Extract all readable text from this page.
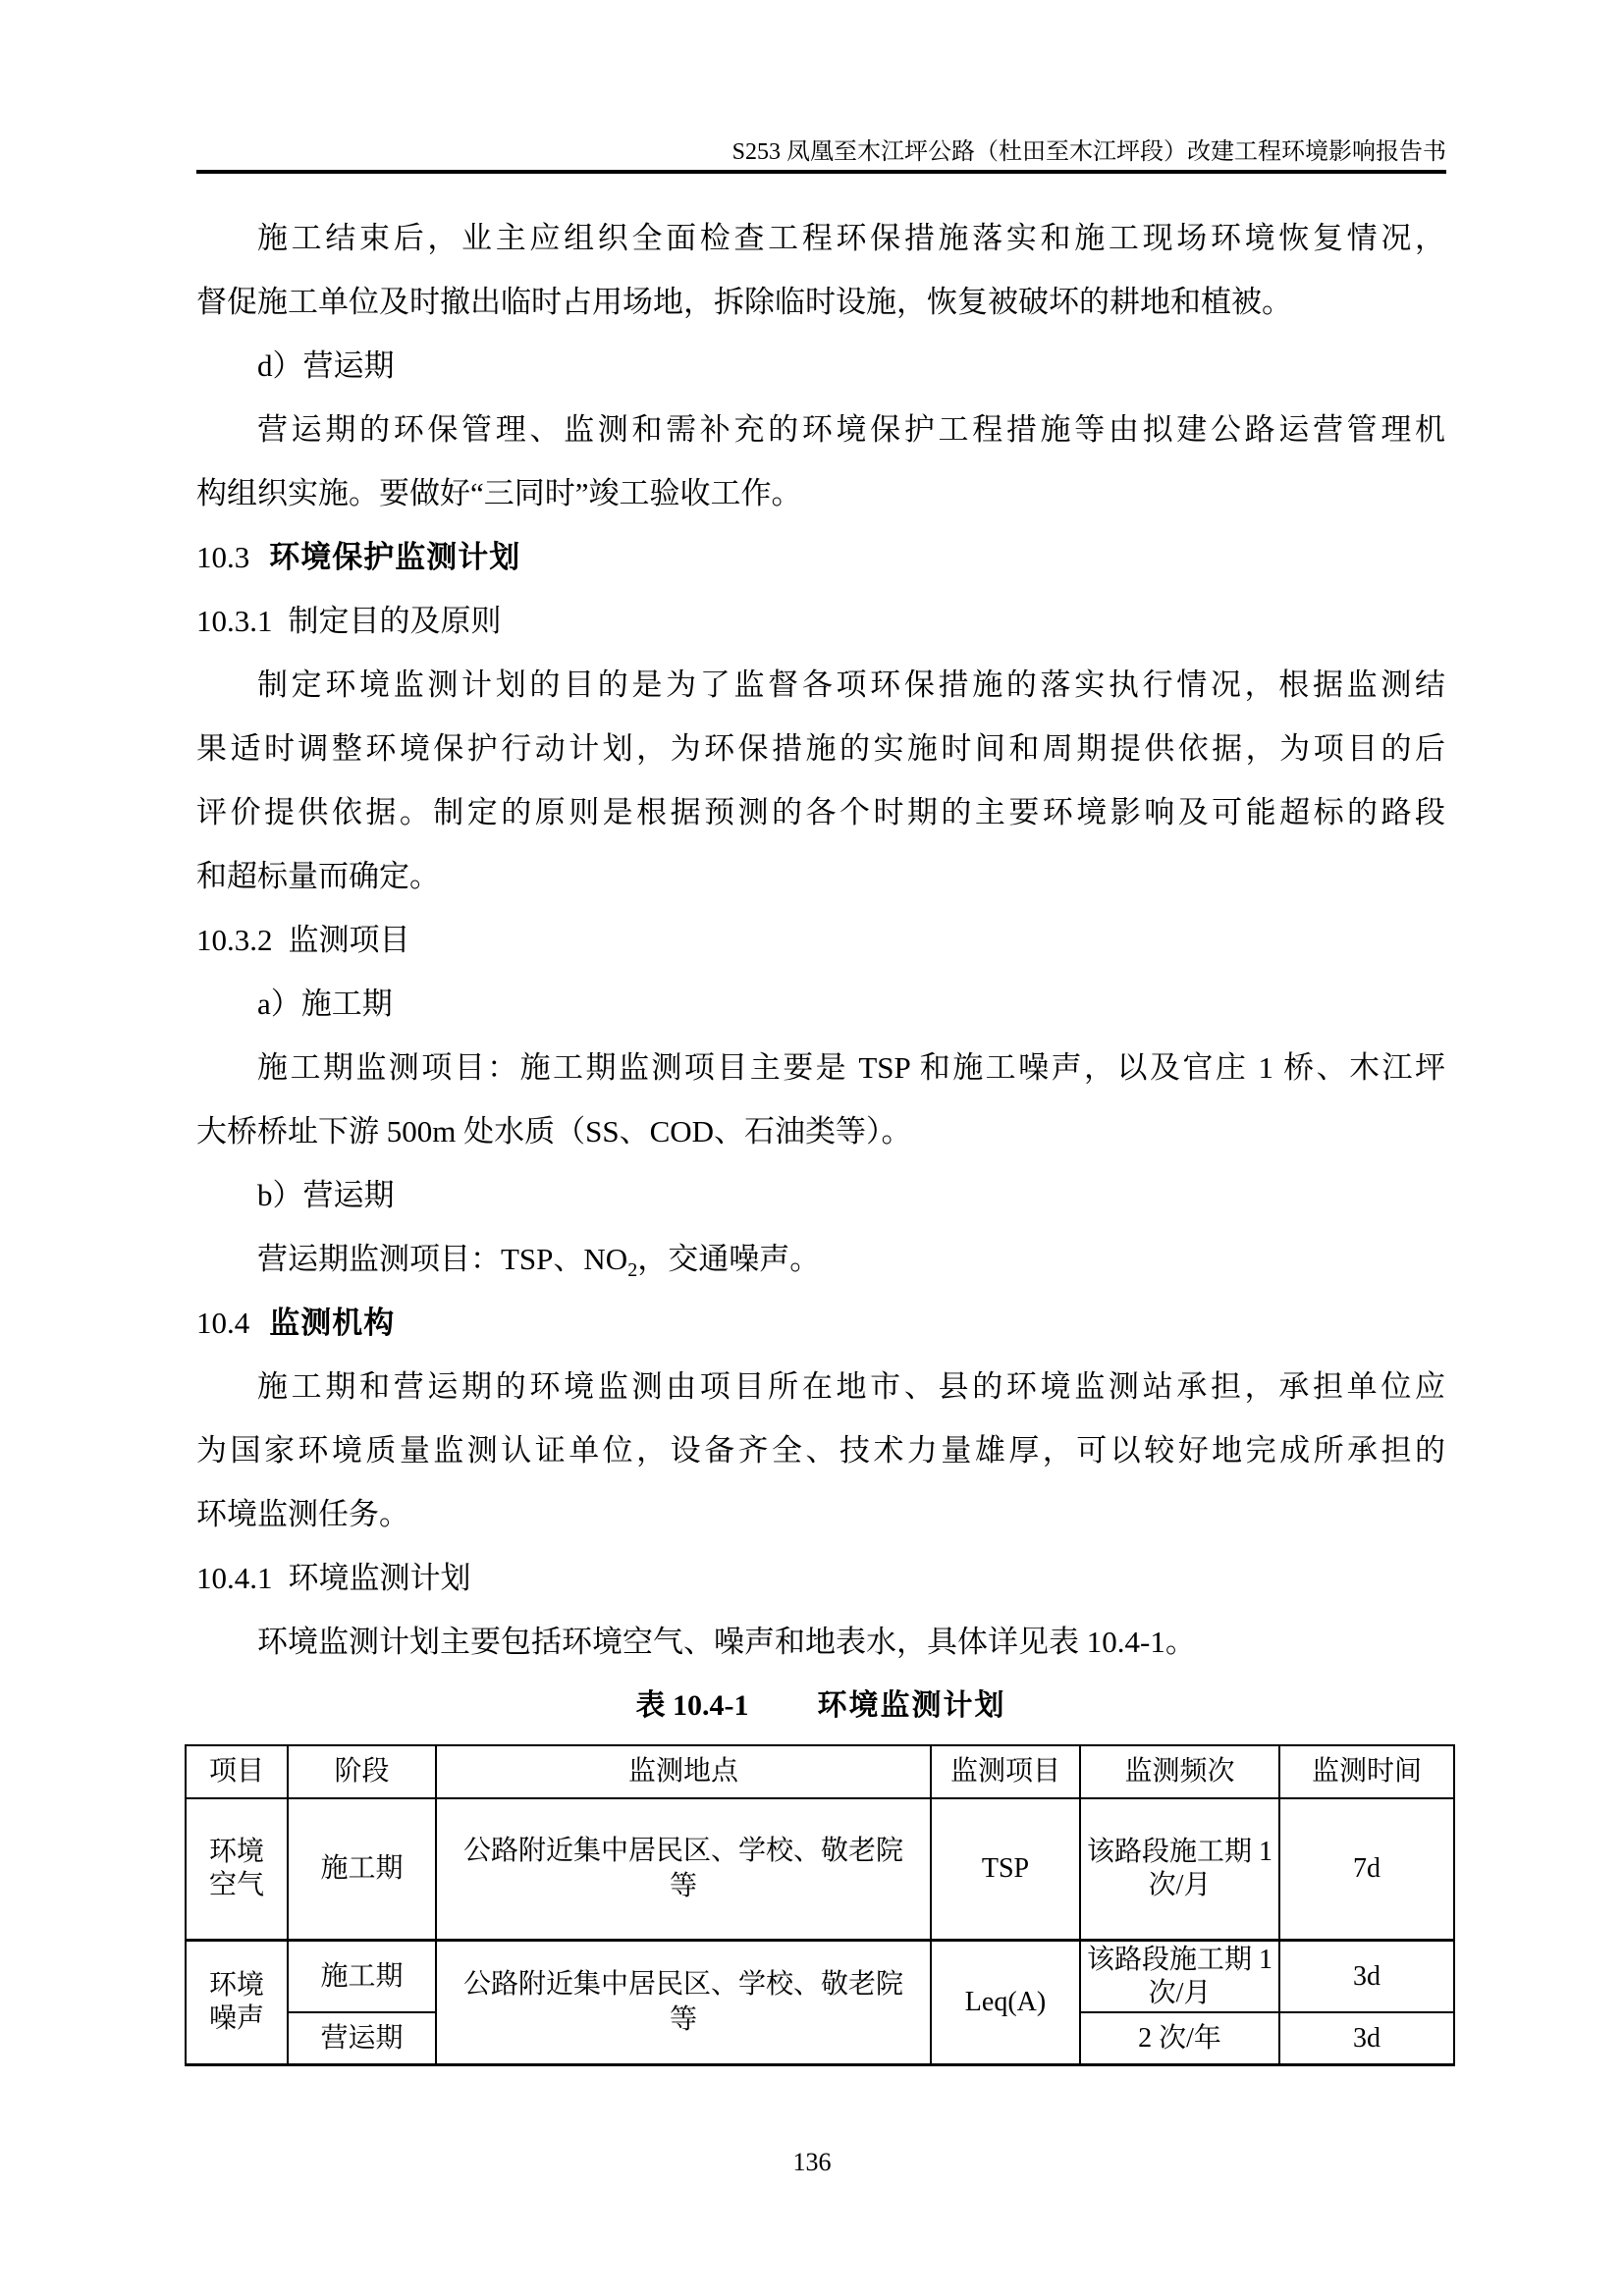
S253 凤凰至木江坪公路（杜田至木江坪段）改建工程环境影响报告书
施工结束后，业主应组织全面检查工程环保措施落实和施工现场环境恢复情况，
督促施工单位及时撤出临时占用场地，拆除临时设施，恢复被破坏的耕地和植被。
d）营运期
营运期的环保管理、监测和需补充的环境保护工程措施等由拟建公路运营管理机
构组织实施。要做好“三同时”竣工验收工作。
10.3 环境保护监测计划
10.3.1 制定目的及原则
制定环境监测计划的目的是为了监督各项环保措施的落实执行情况，根据监测结
果适时调整环境保护行动计划，为环保措施的实施时间和周期提供依据，为项目的后
评价提供依据。制定的原则是根据预测的各个时期的主要环境影响及可能超标的路段
和超标量而确定。
10.3.2 监测项目
a）施工期
施工期监测项目：施工期监测项目主要是 TSP 和施工噪声，以及官庄 1 桥、木江坪
大桥桥址下游 500m 处水质（SS、COD、石油类等）。
b）营运期
营运期监测项目：TSP、$NO_2$，交通噪声。
10.4 监测机构
施工期和营运期的环境监测由项目所在地市、县的环境监测站承担，承担单位应
为国家环境质量监测认证单位，设备齐全、技术力量雄厚，可以较好地完成所承担的
环境监测任务。
10.4.1 环境监测计划
环境监测计划主要包括环境空气、噪声和地表水，具体详见表 10.4-1。
表 10.4-1 环境监测计划
项目	阶段	监测地点	监测项目	监测频次	监测时间
环境空气	施工期	公路附近集中居民区、学校、敬老院等	TSP	该路段施工期 1 次/月	7d
环境噪声	施工期	公路附近集中居民区、学校、敬老院等	Leq(A)	该路段施工期 1 次/月	3d
	营运期			2 次/年	3d
136
